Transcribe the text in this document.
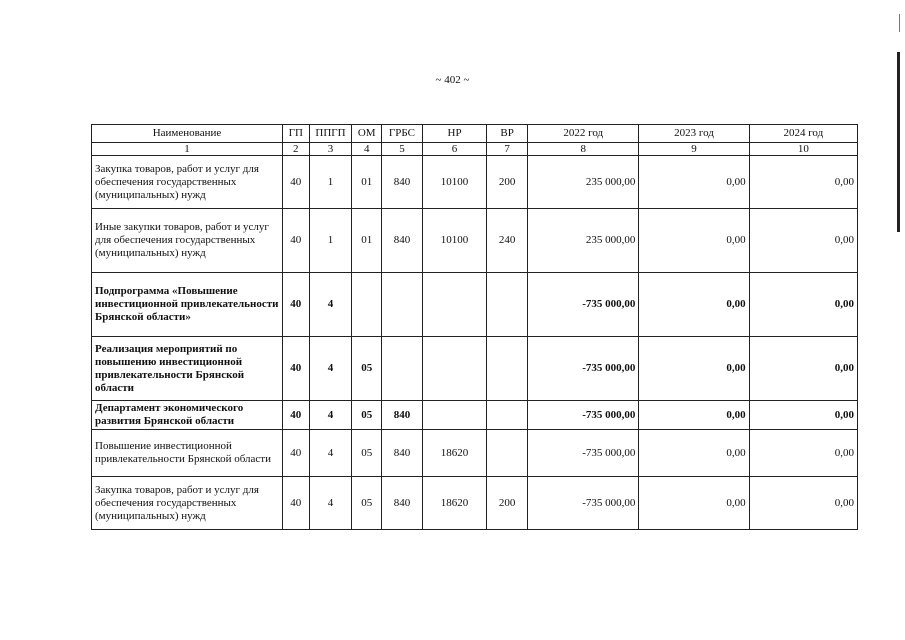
~ 402 ~
Наименование	ГП	ППГП	ОМ	ГРБС	НР	ВР	2022 год	2023 год	2024 год
1	2	3	4	5	6	7	8	9	10
Закупка товаров, работ и услуг для обеспечения государственных (муниципальных) нужд	40	1	01	840	10100	200	235 000,00	0,00	0,00
Иные закупки товаров, работ и услуг для обеспечения государственных (муниципальных) нужд	40	1	01	840	10100	240	235 000,00	0,00	0,00
Подпрограмма «Повышение инвестиционной привлекательности Брянской области»	40	4					-735 000,00	0,00	0,00
Реализация мероприятий по повышению инвестиционной привлекательности Брянской области	40	4	05				-735 000,00	0,00	0,00
Департамент экономического развития Брянской области	40	4	05	840			-735 000,00	0,00	0,00
Повышение инвестиционной привлекательности Брянской области	40	4	05	840	18620		-735 000,00	0,00	0,00
Закупка товаров, работ и услуг для обеспечения государственных (муниципальных) нужд	40	4	05	840	18620	200	-735 000,00	0,00	0,00
